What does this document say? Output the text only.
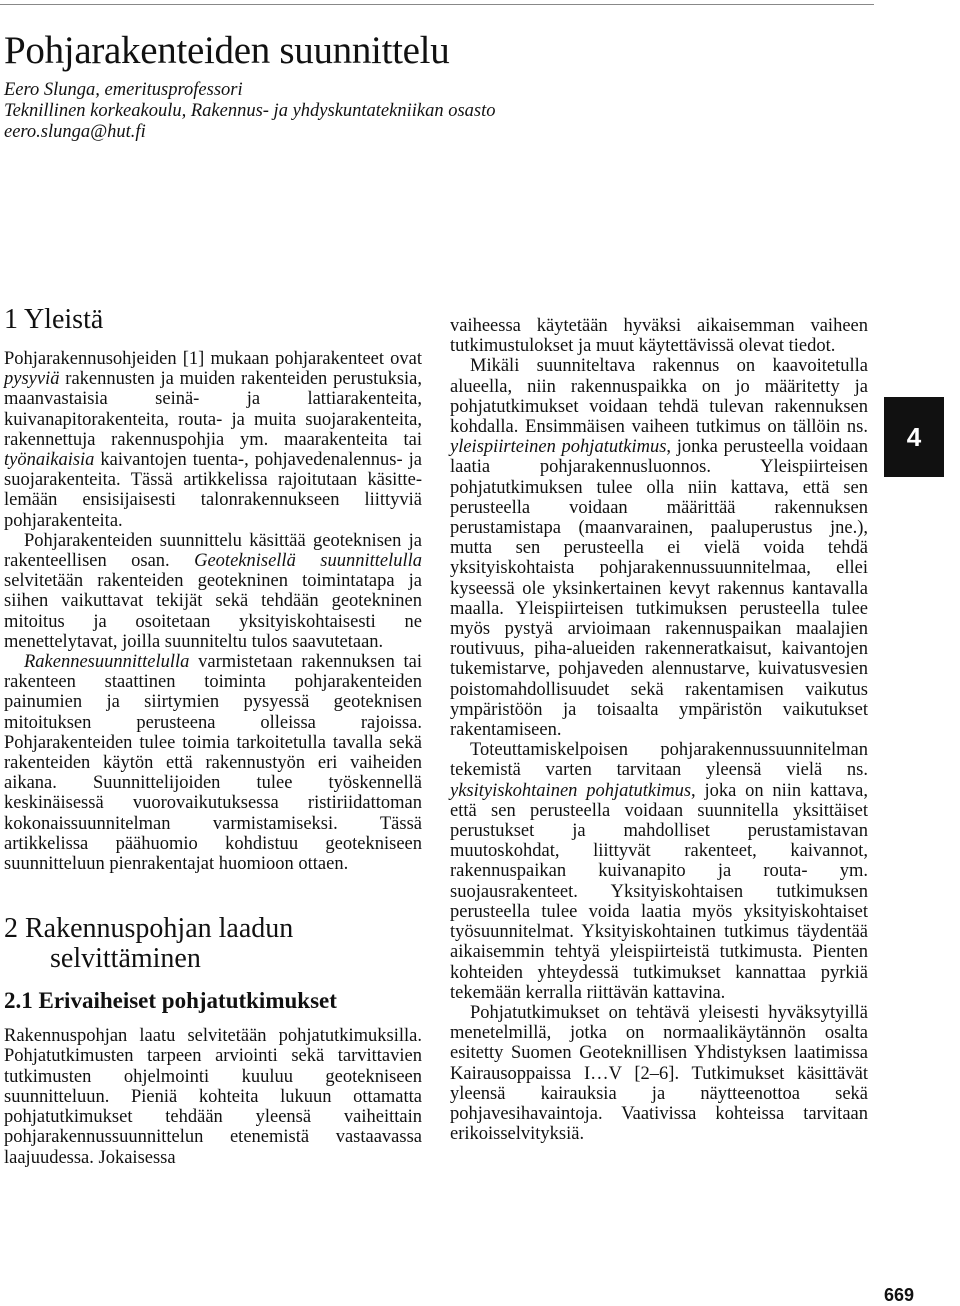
Pohjarakenteiden suunnittelu
Eero Slunga, emeritusprofessori
Teknillinen korkeakoulu, Rakennus- ja yhdyskuntatekniikan osasto
eero.slunga@hut.fi
1 Yleistä

Pohjarakennusohjeiden [1] mukaan pohjarakenteet ovat pysyviä rakennusten ja muiden rakenteiden perustuksia, maanvastaisia seinä- ja lattiarakenteita, kuivanapitorakenteita, routa- ja muita suojarakenteita, rakennettuja rakennuspohjia ym. maarakenteita tai työnaikaisia kaivantojen tuenta-, pohjavedenalennus- ja suojarakenteita. Tässä artikkelissa rajoitutaan käsittelemään ensisijaisesti talonrakennukseen liittyviä pohjarakenteita.

Pohjarakenteiden suunnittelu käsittää geoteknisen ja rakenteellisen osan. Geoteknisellä suunnittelulla selvitetään rakenteiden geotekninen toimintatapa ja siihen vaikuttavat tekijät sekä tehdään geotekninen mitoitus ja osoitetaan yksityiskohtaisesti ne menettelytavat, joilla suunniteltu tulos saavutetaan.

Rakennesuunnittelulla varmistetaan rakennuksen tai rakenteen staattinen toiminta pohjarakenteiden painumien ja siirtymien pysyessä geoteknisen mitoituksen perusteena olleissa rajoissa. Pohjarakenteiden tulee toimia tarkoitetulla tavalla sekä rakenteiden käytön että rakennustyön eri vaiheiden aikana. Suunnittelijoiden tulee työskennellä keskinäisessä vuorovaikutuksessa ristiriidattoman kokonaissuunnitelman varmistamiseksi. Tässä artikkelissa päähuomio kohdistuu geotekniseen suunnitteluun pienrakentajat huomioon ottaen.

2 Rakennuspohjan laadun
selvittäminen
2.1 Erivaiheiset pohjatutkimukset

Rakennuspohjan laatu selvitetään pohjatutkimuksilla. Pohjatutkimusten tarpeen arviointi sekä tarvittavien tutkimusten ohjelmointi kuuluu geotekniseen suunnitteluun. Pieniä kohteita lukuun ottamatta pohjatutkimukset tehdään yleensä vaiheittain pohjarakennussuunnittelun etenemistä vastaavassa laajuudessa. Jokaisessa

vaiheessa käytetään hyväksi aikaisemman vaiheen tutkimustulokset ja muut käytettävissä olevat tiedot.

Mikäli suunniteltava rakennus on kaavoitetulla alueella, niin rakennuspaikka on jo määritetty ja pohjatutkimukset voidaan tehdä tulevan rakennuksen kohdalla. Ensimmäisen vaiheen tutkimus on tällöin ns. yleispiirteinen pohjatutkimus, jonka perusteella voidaan laatia pohjarakennusluonnos. Yleispiirteisen pohjatutkimuksen tulee olla niin kattava, että sen perusteella voidaan määrittää rakennuksen perustamistapa (maanvarainen, paaluperustus jne.), mutta sen perusteella ei vielä voida tehdä yksityiskohtaista pohjarakennussuunnitelmaa, ellei kyseessä ole yksinkertainen kevyt rakennus kantavalla maalla. Yleispiirteisen tutkimuksen perusteella tulee myös pystyä arvioimaan rakennuspaikan maalajien routivuus, piha-alueiden rakenneratkaisut, kaivantojen tukemistarve, pohjaveden alennustarve, kuivatusvesien poistomahdollisuudet sekä rakentamisen vaikutus ympäristöön ja toisaalta ympäristön vaikutukset rakentamiseen.

Toteuttamiskelpoisen pohjarakennussuunnitelman tekemistä varten tarvitaan yleensä vielä ns. yksityiskohtainen pohjatutkimus, joka on niin kattava, että sen perusteella voidaan suunnitella yksittäiset perustukset ja mahdolliset perustamistavan muutoskohdat, liittyvät rakenteet, kaivannot, rakennuspaikan kuivanapito ja routa- ym. suojausrakenteet. Yksityiskohtaisen tutkimuksen perusteella tulee voida laatia myös yksityiskohtaiset työsuunnitelmat. Yksityiskohtainen tutkimus täydentää aikaisemmin tehtyä yleispiirteistä tutkimusta. Pienten kohteiden yhteydessä tutkimukset kannattaa pyrkiä tekemään kerralla riittävän kattavina.

Pohjatutkimukset on tehtävä yleisesti hyväksytyillä menetelmillä, jotka on normaalikäytännön osalta esitetty Suomen Geoteknillisen Yhdistyksen laatimissa Kairausoppaissa I…V [2–6]. Tutkimukset käsittävät yleensä kairauksia ja näytteenottoa sekä pohjavesihavaintoja. Vaativissa kohteissa tarvitaan erikoisselvityksiä.

4
669
